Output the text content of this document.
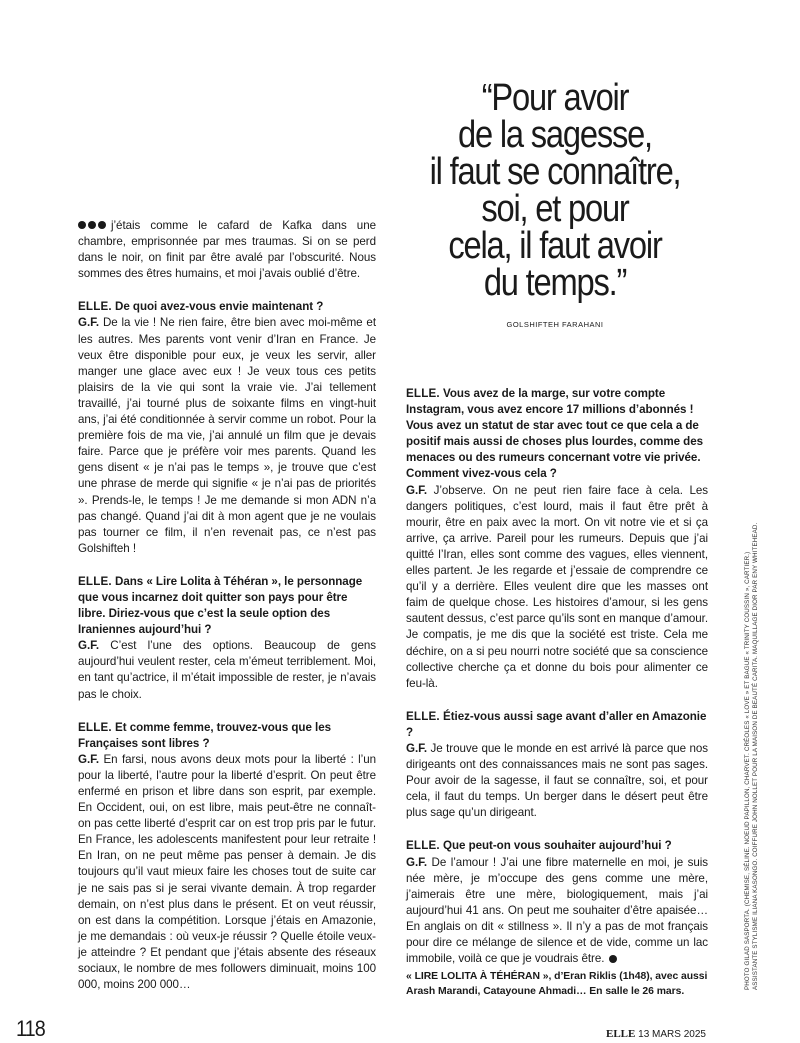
“Pour avoir
de la sagesse,
il faut se connaître,
soi, et pour
cela, il faut avoir
du temps.”
GOLSHIFTEH FARAHANI

j’étais comme le cafard de Kafka dans une chambre, emprisonnée par mes traumas. Si on se perd dans le noir, on finit par être avalé par l’obscurité. Nous sommes des êtres humains, et moi j’avais oublié d’être.

ELLE. De quoi avez-vous envie maintenant ?

G.F. De la vie ! Ne rien faire, être bien avec moi-même et les autres. Mes parents vont venir d’Iran en France. Je veux être disponible pour eux, je veux les servir, aller manger une glace avec eux ! Je veux tous ces petits plaisirs de la vie qui sont la vraie vie. J’ai tellement travaillé, j’ai tourné plus de soixante films en vingt-huit ans, j’ai été conditionnée à servir comme un robot. Pour la première fois de ma vie, j’ai annulé un film que je devais faire. Parce que je préfère voir mes parents. Quand les gens disent « je n’ai pas le temps », je trouve que c’est une phrase de merde qui signifie « je n’ai pas de priorités ». Prends-le, le temps ! Je me demande si mon ADN n’a pas changé. Quand j’ai dit à mon agent que je ne voulais pas tourner ce film, il n’en revenait pas, ce n’est pas Golshifteh !

ELLE. Dans « Lire Lolita à Téhéran », le personnage que vous incarnez doit quitter son pays pour être libre. Diriez-vous que c’est la seule option des Iraniennes aujourd’hui ?

G.F. C’est l’une des options. Beaucoup de gens aujourd’hui veulent rester, cela m’émeut terriblement. Moi, en tant qu’actrice, il m’était impossible de rester, je n’avais pas le choix.

ELLE. Et comme femme, trouvez-vous que les Françaises sont libres ?

G.F. En farsi, nous avons deux mots pour la liberté : l’un pour la liberté, l’autre pour la liberté d’esprit. On peut être enfermé en prison et libre dans son esprit, par exemple. En Occident, oui, on est libre, mais peut-être ne connaît-on pas cette liberté d’esprit car on est trop pris par le futur. En France, les adolescents manifestent pour leur retraite ! En Iran, on ne peut même pas penser à demain. Je dis toujours qu’il vaut mieux faire les choses tout de suite car je ne sais pas si je serai vivante demain. À trop regarder demain, on n’est plus dans le présent. Et on veut réussir, on est dans la compétition. Lorsque j’étais en Amazonie, je me demandais : où veux-je réussir ? Quelle étoile veux-je atteindre ? Et pendant que j’étais absente des réseaux sociaux, le nombre de mes followers diminuait, moins 100 000, moins 200 000…

ELLE. Vous avez de la marge, sur votre compte Instagram, vous avez encore 17 millions d’abonnés ! Vous avez un statut de star avec tout ce que cela a de positif mais aussi de choses plus lourdes, comme des menaces ou des rumeurs concernant votre vie privée. Comment vivez-vous cela ?

G.F. J’observe. On ne peut rien faire face à cela. Les dangers politiques, c’est lourd, mais il faut être prêt à mourir, être en paix avec la mort. On vit notre vie et si ça arrive, ça arrive. Pareil pour les rumeurs. Depuis que j’ai quitté l’Iran, elles sont comme des vagues, elles viennent, elles partent. Je les regarde et j’essaie de comprendre ce qu’il y a derrière. Elles veulent dire que les masses ont faim de quelque chose. Les histoires d’amour, si les gens sautent dessus, c’est parce qu’ils sont en manque d’amour. Je compatis, je me dis que la société est triste. Cela me déchire, on a si peu nourri notre société que sa conscience collective cherche ça et donne du bois pour alimenter ce feu-là.

ELLE. Étiez-vous aussi sage avant d’aller en Amazonie ?

G.F. Je trouve que le monde en est arrivé là parce que nos dirigeants ont des connaissances mais ne sont pas sages. Pour avoir de la sagesse, il faut se connaître, soi, et pour cela, il faut du temps. Un berger dans le désert peut être plus sage qu’un dirigeant.

ELLE. Que peut-on vous souhaiter aujourd’hui ?

G.F. De l’amour ! J’ai une fibre maternelle en moi, je suis née mère, je m’occupe des gens comme une mère, j’aimerais être une mère, biologiquement, mais j’ai aujourd’hui 41 ans. On peut me souhaiter d’être apaisée… En anglais on dit « stillness ». Il n’y a pas de mot français pour dire ce mélange de silence et de vide, comme un lac immobile, voilà ce que je voudrais être.

« LIRE LOLITA À TÉHÉRAN », d’Eran Riklis (1h48), avec aussi Arash Marandi, Catayoune Ahmadi… En salle le 26 mars.

PHOTO GILAD SASPORTA. (CHEMISE, SÉLINE. NOEUD PAPILLON, CHARVET. CRÉOLES « LOVE » ET BAGUE « TRINITY COUSSIN », CARTIER.) ASSISTANTE STYLISME ILIANA KASONGO. COIFFURE JOHN NOLLET POUR LA MAISON DE BEAUTÉ CARITA. MAQUILLAGE DIOR PAR ENY WHITEHEAD.
118	ELLE 13 MARS 2025
